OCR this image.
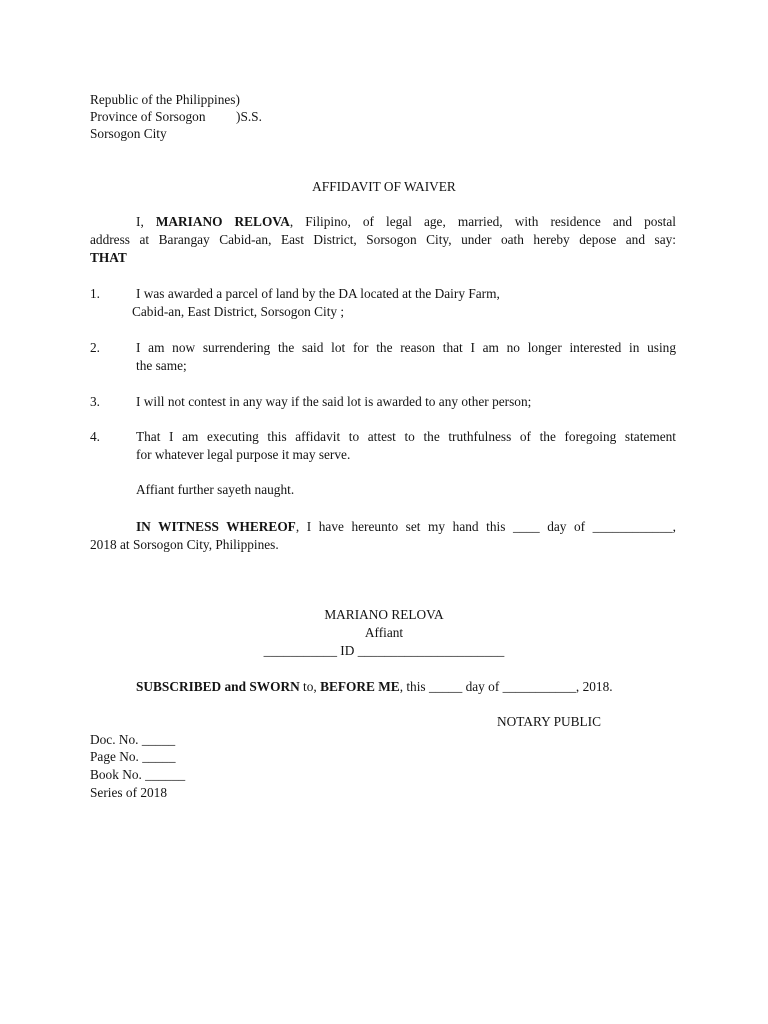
Republic of the Philippines)
Province of Sorsogon )S.S.
Sorsogon City
AFFIDAVIT OF WAIVER
I, MARIANO RELOVA, Filipino, of legal age, married, with residence and postal
address at Barangay Cabid-an, East District, Sorsogon City, under oath hereby depose and say:
THAT
1.	I was awarded a parcel of land by the DA located at the Dairy Farm,
Cabid-an, East District, Sorsogon City ;
2.	I am now surrendering the said lot for the reason that I am no longer interested in using
the same;
3.	I will not contest in any way if the said lot is awarded to any other person;
4.	That I am executing this affidavit to attest to the truthfulness of the foregoing statement
for whatever legal purpose it may serve.
Affiant further sayeth naught.
IN WITNESS WHEREOF, I have hereunto set my hand this ____ day of ____________,
2018 at Sorsogon City, Philippines.
MARIANO RELOVA
Affiant
___________ ID ______________________
SUBSCRIBED and SWORN to, BEFORE ME, this _____ day of ___________, 2018.
NOTARY PUBLIC
Doc. No. _____
Page No. _____
Book No. ______
Series of 2018
